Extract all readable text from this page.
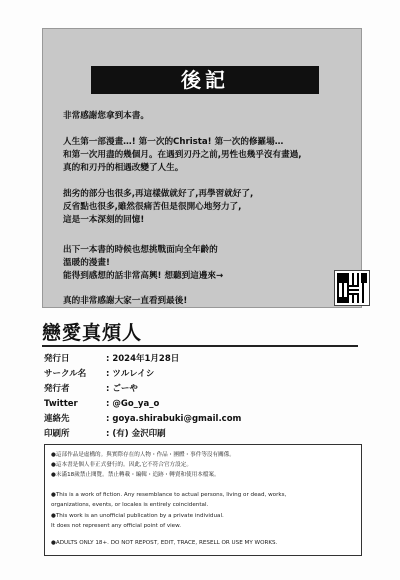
後記
非常感謝您拿到本書。
人生第一部漫畫…! 第一次的Christa! 第一次的修羅場…
和第一次用盡的幾個月。在遇到刃丹之前,男性也幾乎沒有畫過,
真的和刃丹的相遇改變了人生。
拙劣的部分也很多,再這樣做就好了,再學習就好了,
反省點也很多,雖然很痛苦但是很開心地努力了,
這是一本深刻的回憶!
出下一本書的時候也想挑戰面向全年齡的
溫暖的漫畫!
能得到感想的話非常高興! 想聽到這邊來→
真的非常感謝大家一直看到最後!
戀愛真煩人
発行日	: 2024年1月28日
サークル名	: ツルレイシ
発行者	: ごーや
Twitter	: @Go_ya_o
連絡先	: goya.shirabuki@gmail.com
印刷所	: (有) 金沢印刷
●這部作品是虛構的。與實際存在的人物・作品・團體・事件等沒有關係。
●這本書是個人非正式發行的。因此,它不符合官方設定。
●未滿18歲禁止閱覽。禁止轉載・編輯・追跡・轉賣和使用本檔案。
●This is a work of fiction. Any resemblance to actual persons, living or dead, works,
organizations, events, or locales is entirely coincidental.
●This work is an unofficial publication by a private individual.
It does not represent any official point of view.
●ADULTS ONLY 18+. DO NOT REPOST, EDIT, TRACE, RESELL OR USE MY WORKS.
